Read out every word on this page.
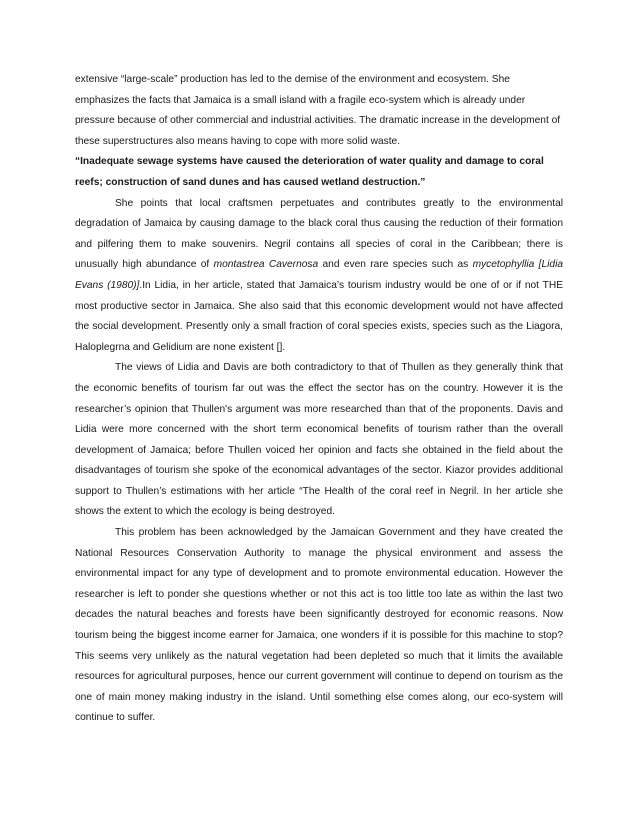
extensive “large-scale” production has led to the demise of the environment and ecosystem. She emphasizes the facts that Jamaica is a small island with a fragile eco-system which is already under pressure because of other commercial and industrial activities. The dramatic increase in the development of these superstructures also means having to cope with more solid waste.

“Inadequate sewage systems have caused the deterioration of water quality and damage to coral reefs; construction of sand dunes and has caused wetland destruction.”

She points that local craftsmen perpetuates and contributes greatly to the environmental degradation of Jamaica by causing damage to the black coral thus causing the reduction of their formation and pilfering them to make souvenirs. Negril contains all species of coral in the Caribbean; there is unusually high abundance of montastrea Cavernosa and even rare species such as mycetophyllia [Lidia Evans (1980)].In Lidia, in her article, stated that Jamaica’s tourism industry would be one of or if not THE most productive sector in Jamaica. She also said that this economic development would not have affected the social development. Presently only a small fraction of coral species exists, species such as the Liagora, Haloplegrna and Gelidium are none existent [].

The views of Lidia and Davis are both contradictory to that of Thullen as they generally think that the economic benefits of tourism far out was the effect the sector has on the country. However it is the researcher’s opinion that Thullen's argument was more researched than that of the proponents. Davis and Lidia were more concerned with the short term economical benefits of tourism rather than the overall development of Jamaica; before Thullen voiced her opinion and facts she obtained in the field about the disadvantages of tourism she spoke of the economical advantages of the sector. Kiazor provides additional support to Thullen’s estimations with her article “The Health of the coral reef in Negril. In her article she shows the extent to which the ecology is being destroyed.

This problem has been acknowledged by the Jamaican Government and they have created the National Resources Conservation Authority to manage the physical environment and assess the environmental impact for any type of development and to promote environmental education. However the researcher is left to ponder she questions whether or not this act is too little too late as within the last two decades the natural beaches and forests have been significantly destroyed for economic reasons. Now tourism being the biggest income earner for Jamaica, one wonders if it is possible for this machine to stop? This seems very unlikely as the natural vegetation had been depleted so much that it limits the available resources for agricultural purposes, hence our current government will continue to depend on tourism as the one of main money making industry in the island. Until something else comes along, our eco-system will continue to suffer.
